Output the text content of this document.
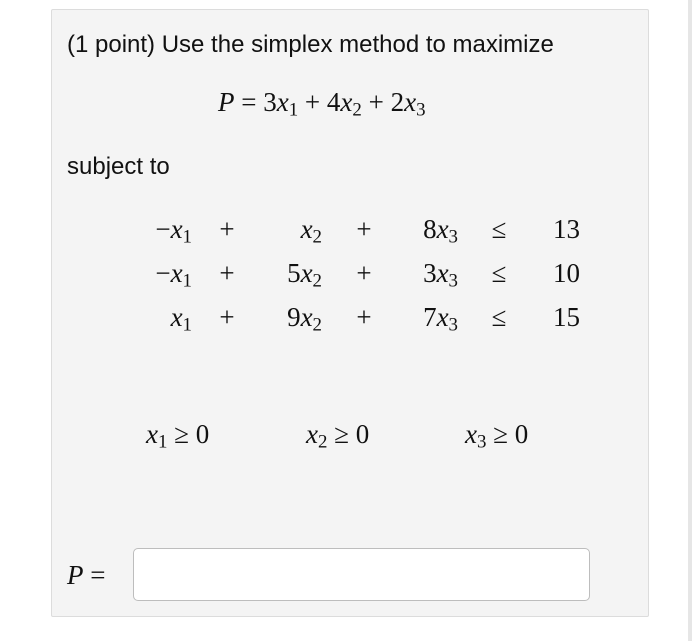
(1 point) Use the simplex method to maximize
$P = 3x_1 + 4x_2 + 2x_3$
subject to
$-x_1$	+	$x_2$	+	$8x_3$	≤	13
$-x_1$	+	$5x_2$	+	$3x_3$	≤	10
$x_1$	+	$9x_2$	+	$7x_3$	≤	15
$x_1 \ge 0$	$x_2 \ge 0$	$x_3 \ge 0$
P =
